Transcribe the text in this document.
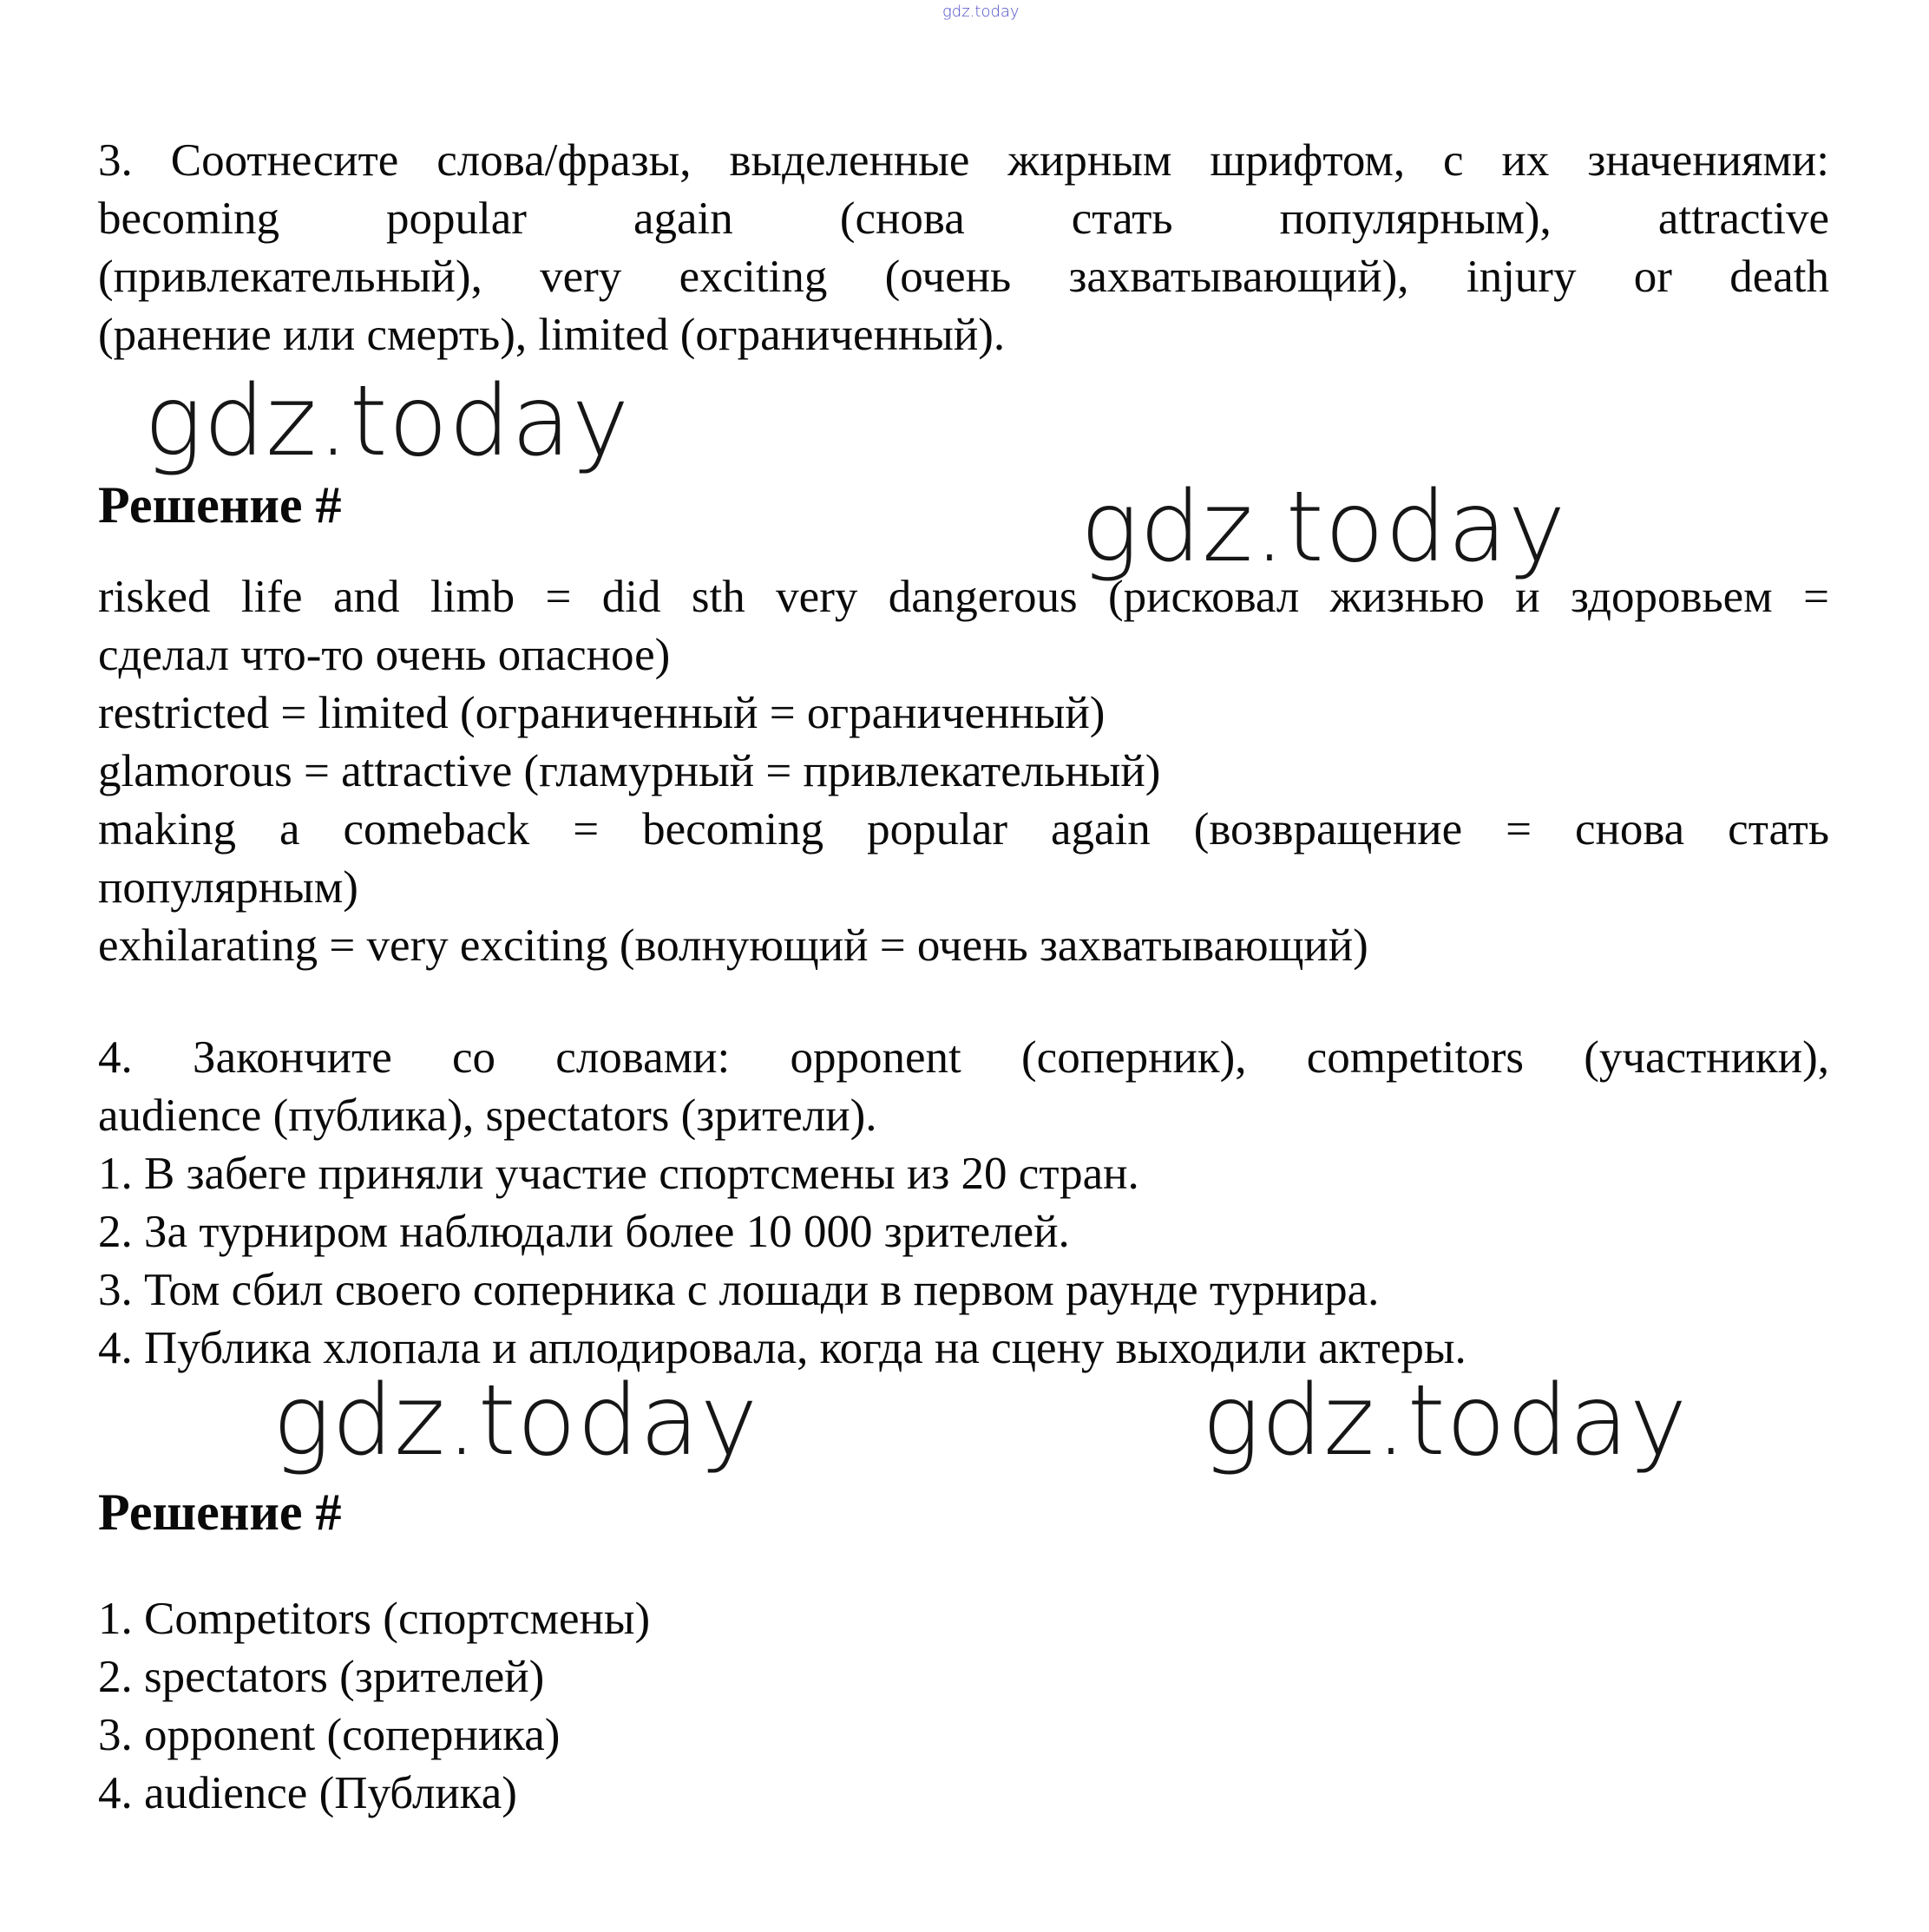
gdz.today
3. Соотнесите слова/фразы, выделенные жирным шрифтом, с их значениями:
becoming popular again (снова стать популярным), attractive
(привлекательный), very exciting (очень захватывающий), injury or death
(ранение или смерть), limited (ограниченный).
gdz.today
Решение #	gdz.today
risked life and limb = did sth very dangerous (рисковал жизнью и здоровьем =
сделал что-то очень опасное)
restricted = limited (ограниченный = ограниченный)
glamorous = attractive (гламурный = привлекательный)
making a comeback = becoming popular again (возвращение = снова стать
популярным)
exhilarating = very exciting (волнующий = очень захватывающий)
4. Закончите со словами: opponent (соперник), competitors (участники),
audience (публика), spectators (зрители).
1. В забеге приняли участие спортсмены из 20 стран.
2. За турниром наблюдали более 10 000 зрителей.
3. Том сбил своего соперника с лошади в первом раунде турнира.
4. Публика хлопала и аплодировала, когда на сцену выходили актеры.
gdz.today	gdz.today
Решение #
1. Competitors (спортсмены)
2. spectators (зрителей)
3. opponent (соперника)
4. audience (Публика)
